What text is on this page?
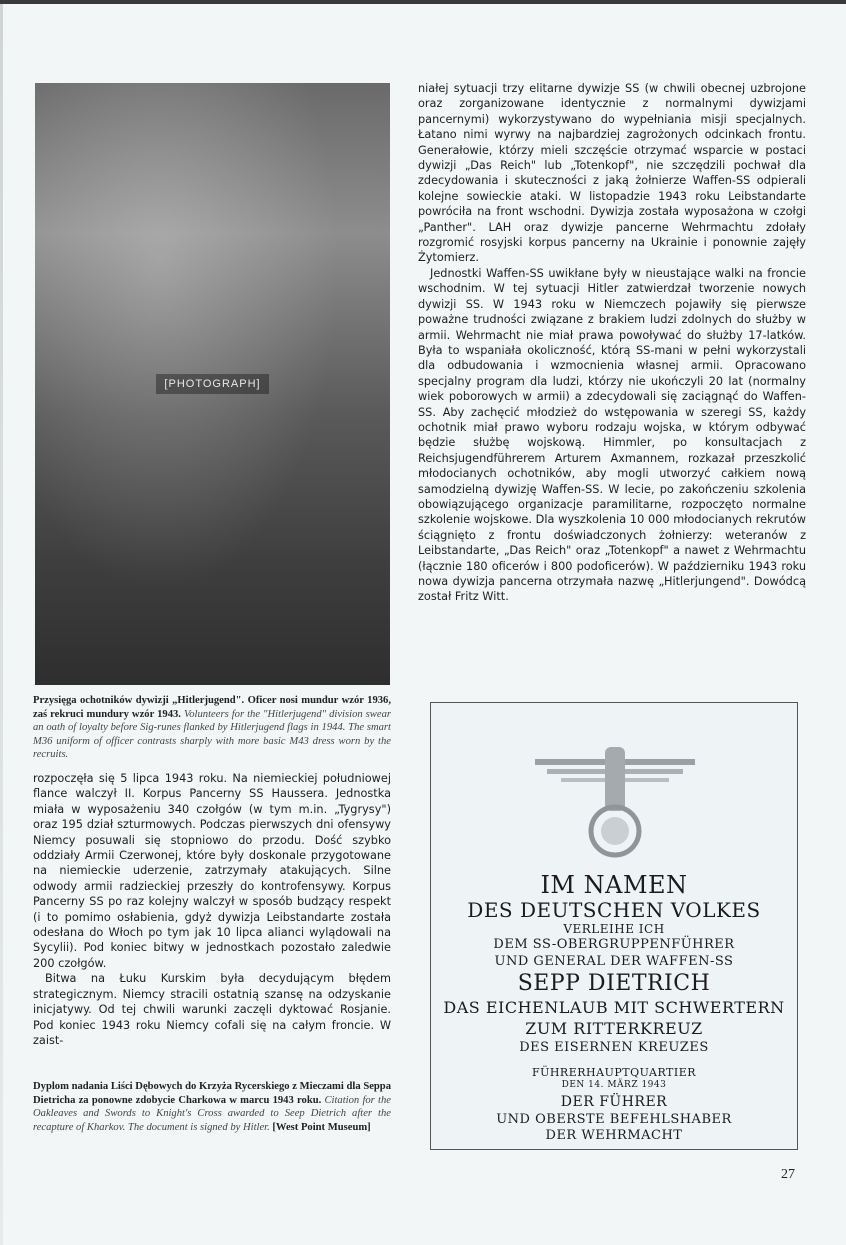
[PHOTOGRAPH]
Przysięga ochotników dywizji „Hitlerjugend". Oficer nosi mundur wzór 1936, zaś rekruci mundury wzór 1943. Volunteers for the "Hitlerjugend" division swear an oath of loyalty before Sig-runes flanked by Hitlerjugend flags in 1944. The smart M36 uniform of officer contrasts sharply with more basic M43 dress worn by the recruits.

niałej sytuacji trzy elitarne dywizje SS (w chwili obecnej uzbrojone oraz zorganizowane identycznie z normalnymi dywizjami pancernymi) wykorzystywano do wypełniania misji specjalnych. Łatano nimi wyrwy na najbardziej zagrożonych odcinkach frontu. Generałowie, którzy mieli szczęście otrzymać wsparcie w postaci dywizji „Das Reich" lub „Totenkopf", nie szczędzili pochwał dla zdecydowania i skuteczności z jaką żołnierze Waffen-SS odpierali kolejne sowieckie ataki. W listopadzie 1943 roku Leibstandarte powróciła na front wschodni. Dywizja została wyposażona w czołgi „Panther". LAH oraz dywizje pancerne Wehrmachtu zdołały rozgromić rosyjski korpus pancerny na Ukrainie i ponownie zajęły Żytomierz.

Jednostki Waffen-SS uwikłane były w nieustające walki na froncie wschodnim. W tej sytuacji Hitler zatwierdzał tworzenie nowych dywizji SS. W 1943 roku w Niemczech pojawiły się pierwsze poważne trudności związane z brakiem ludzi zdolnych do służby w armii. Wehrmacht nie miał prawa powoływać do służby 17-latków. Była to wspaniała okoliczność, którą SS-mani w pełni wykorzystali dla odbudowania i wzmocnienia własnej armii. Opracowano specjalny program dla ludzi, którzy nie ukończyli 20 lat (normalny wiek poborowych w armii) a zdecydowali się zaciągnąć do Waffen-SS. Aby zachęcić młodzież do wstępowania w szeregi SS, każdy ochotnik miał prawo wyboru rodzaju wojska, w którym odbywać będzie służbę wojskową. Himmler, po konsultacjach z Reichsjugendführerem Arturem Axmannem, rozkazał przeszkolić młodocianych ochotników, aby mogli utworzyć całkiem nową samodzielną dywizję Waffen-SS. W lecie, po zakończeniu szkolenia obowiązującego organizacje paramilitarne, rozpoczęto normalne szkolenie wojskowe. Dla wyszkolenia 10 000 młodocianych rekrutów ściągnięto z frontu doświadczonych żołnierzy: weteranów z Leibstandarte, „Das Reich" oraz „Totenkopf" a nawet z Wehrmachtu (łącznie 180 oficerów i 800 podoficerów). W październiku 1943 roku nowa dywizja pancerna otrzymała nazwę „Hitlerjungend". Dowódcą został Fritz Witt.

rozpoczęła się 5 lipca 1943 roku. Na niemieckiej południowej flance walczył II. Korpus Pancerny SS Haussera. Jednostka miała w wyposażeniu 340 czołgów (w tym m.in. „Tygrysy") oraz 195 dział szturmowych. Podczas pierwszych dni ofensywy Niemcy posuwali się stopniowo do przodu. Dość szybko oddziały Armii Czerwonej, które były doskonale przygotowane na niemieckie uderzenie, zatrzymały atakujących. Silne odwody armii radzieckiej przeszły do kontrofensywy. Korpus Pancerny SS po raz kolejny walczył w sposób budzący respekt (i to pomimo osłabienia, gdyż dywizja Leibstandarte została odesłana do Włoch po tym jak 10 lipca alianci wylądowali na Sycylii). Pod koniec bitwy w jednostkach pozostało zaledwie 200 czołgów.

Bitwa na Łuku Kurskim była decydującym błędem strategicznym. Niemcy stracili ostatnią szansę na odzyskanie inicjatywy. Od tej chwili warunki zaczęli dyktować Rosjanie. Pod koniec 1943 roku Niemcy cofali się na całym froncie. W zaist-

IM NAMEN
DES DEUTSCHEN VOLKES
VERLEIHE ICH
DEM SS-OBERGRUPPENFÜHRER
UND GENERAL DER WAFFEN-SS
SEPP DIETRICH
DAS EICHENLAUB MIT SCHWERTERN
ZUM RITTERKREUZ
DES EISERNEN KREUZES
FÜHRERHAUPTQUARTIER
DEN 14. MÄRZ 1943
DER FÜHRER
UND OBERSTE BEFEHLSHABER
DER WEHRMACHT
Dyplom nadania Liści Dębowych do Krzyża Rycerskiego z Mieczami dla Seppa Dietricha za ponowne zdobycie Charkowa w marcu 1943 roku. Citation for the Oakleaves and Swords to Knight's Cross awarded to Seep Dietrich after the recapture of Kharkov. The document is signed by Hitler. [West Point Museum]
27
